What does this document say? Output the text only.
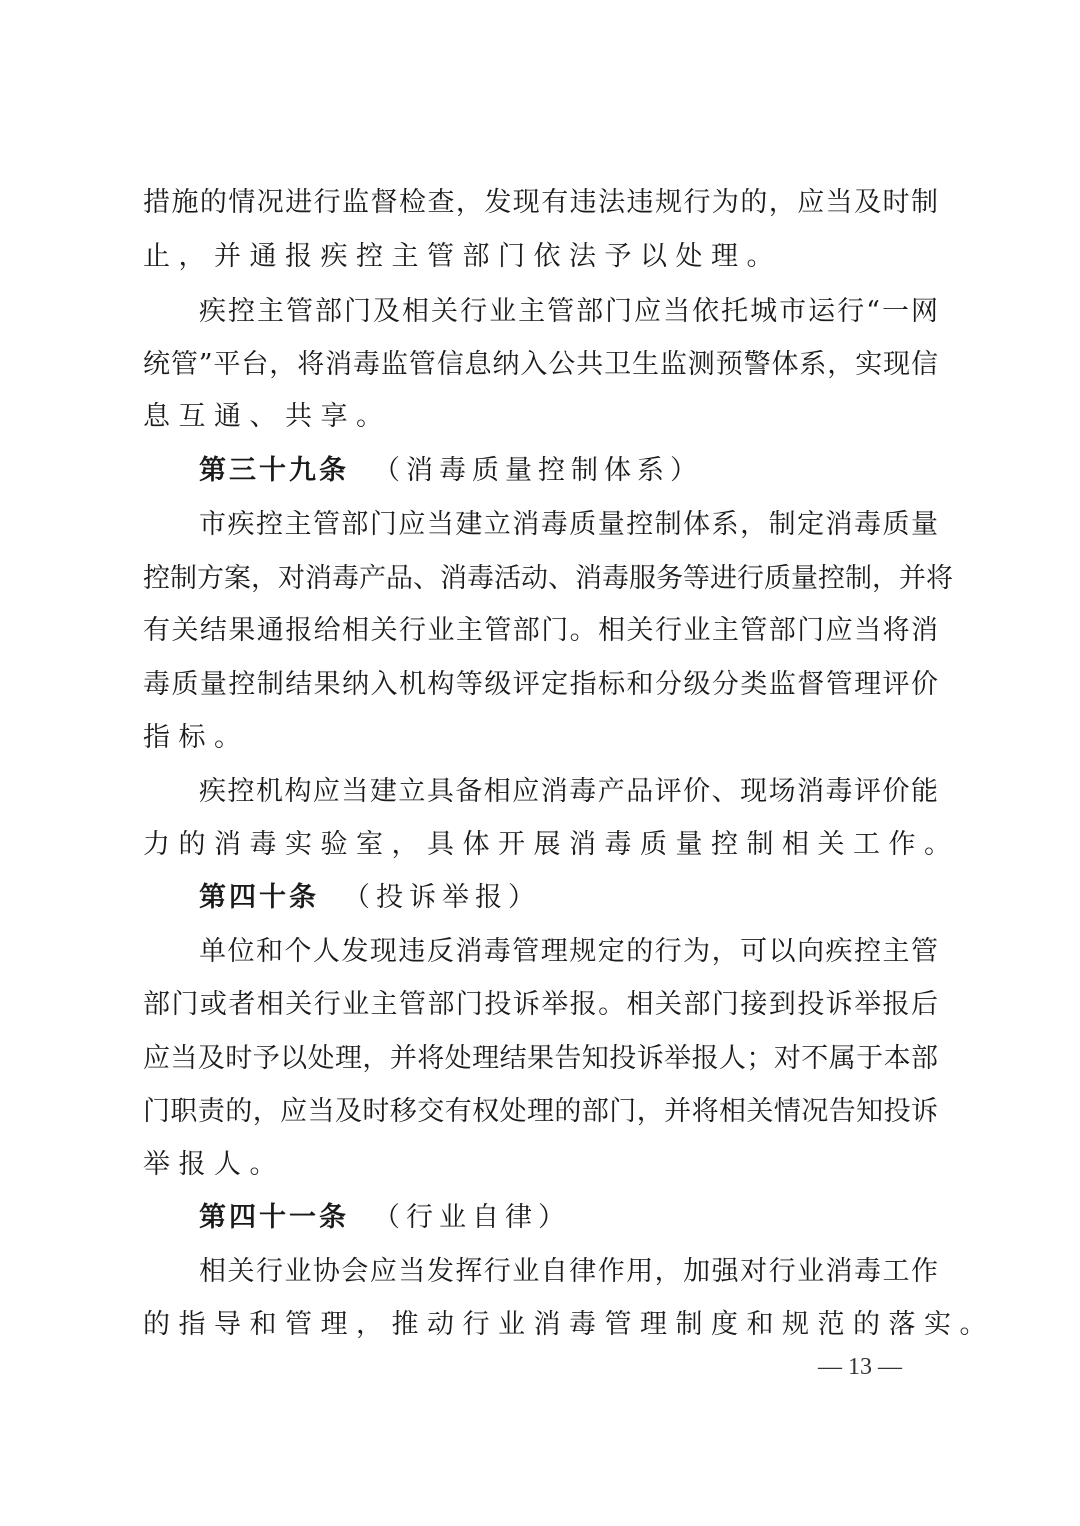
措施的情况进行监督检查，发现有违法违规行为的，应当及时制
止，并通报疾控主管部门依法予以处理。
疾控主管部门及相关行业主管部门应当依托城市运行“一网
统管”平台，将消毒监管信息纳入公共卫生监测预警体系，实现信
息互通、共享。
第三十九条 （消毒质量控制体系）
市疾控主管部门应当建立消毒质量控制体系，制定消毒质量
控制方案，对消毒产品、消毒活动、消毒服务等进行质量控制，并将
有关结果通报给相关行业主管部门。相关行业主管部门应当将消
毒质量控制结果纳入机构等级评定指标和分级分类监督管理评价
指标。
疾控机构应当建立具备相应消毒产品评价、现场消毒评价能
力的消毒实验室，具体开展消毒质量控制相关工作。
第四十条 （投诉举报）
单位和个人发现违反消毒管理规定的行为，可以向疾控主管
部门或者相关行业主管部门投诉举报。相关部门接到投诉举报后
应当及时予以处理，并将处理结果告知投诉举报人；对不属于本部
门职责的，应当及时移交有权处理的部门，并将相关情况告知投诉
举报人。
第四十一条 （行业自律）
相关行业协会应当发挥行业自律作用，加强对行业消毒工作
的指导和管理，推动行业消毒管理制度和规范的落实。
— 13 —
